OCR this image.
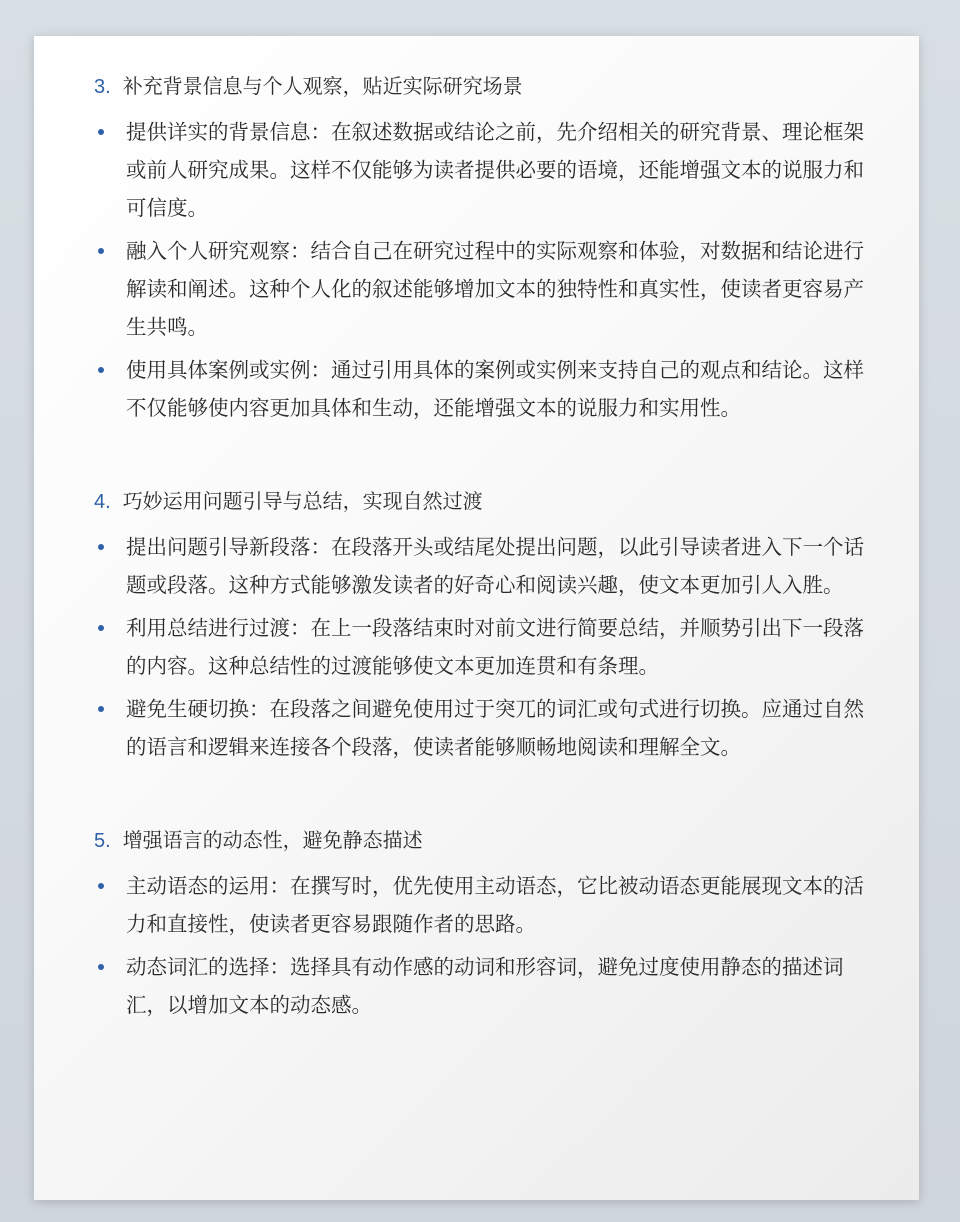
3. 补充背景信息与个人观察，贴近实际研究场景
提供详实的背景信息：在叙述数据或结论之前，先介绍相关的研究背景、理论框架或前人研究成果。这样不仅能够为读者提供必要的语境，还能增强文本的说服力和可信度。
融入个人研究观察：结合自己在研究过程中的实际观察和体验，对数据和结论进行解读和阐述。这种个人化的叙述能够增加文本的独特性和真实性，使读者更容易产生共鸣。
使用具体案例或实例：通过引用具体的案例或实例来支持自己的观点和结论。这样不仅能够使内容更加具体和生动，还能增强文本的说服力和实用性。
4. 巧妙运用问题引导与总结，实现自然过渡
提出问题引导新段落：在段落开头或结尾处提出问题，以此引导读者进入下一个话题或段落。这种方式能够激发读者的好奇心和阅读兴趣，使文本更加引人入胜。
利用总结进行过渡：在上一段落结束时对前文进行简要总结，并顺势引出下一段落的内容。这种总结性的过渡能够使文本更加连贯和有条理。
避免生硬切换：在段落之间避免使用过于突兀的词汇或句式进行切换。应通过自然的语言和逻辑来连接各个段落，使读者能够顺畅地阅读和理解全文。
5. 增强语言的动态性，避免静态描述
主动语态的运用：在撰写时，优先使用主动语态，它比被动语态更能展现文本的活力和直接性，使读者更容易跟随作者的思路。
动态词汇的选择：选择具有动作感的动词和形容词，避免过度使用静态的描述词汇，以增加文本的动态感。
